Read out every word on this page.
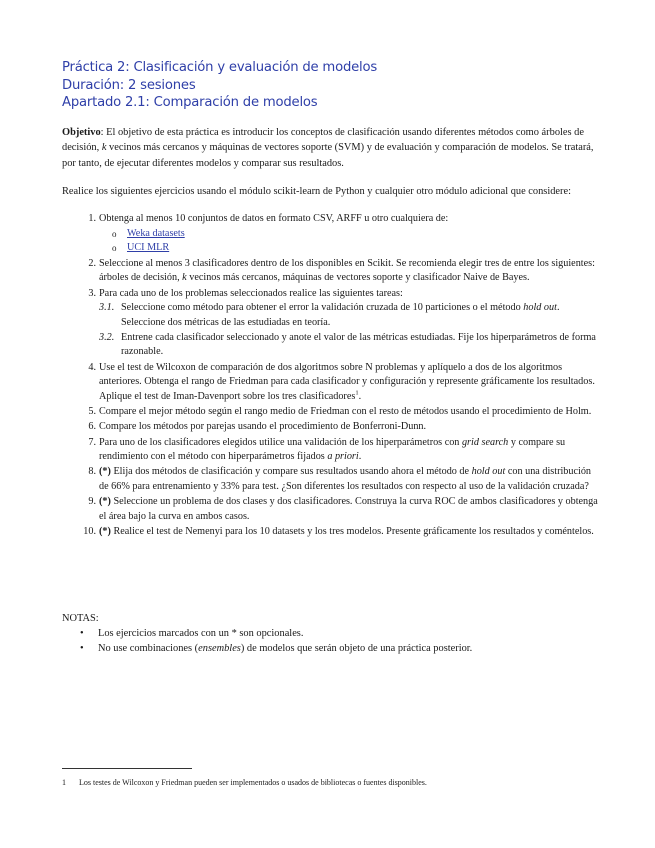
Práctica 2: Clasificación y evaluación de modelos
Duración: 2 sesiones
Apartado 2.1: Comparación de modelos
Objetivo: El objetivo de esta práctica es introducir los conceptos de clasificación usando diferentes métodos como árboles de decisión, k vecinos más cercanos y máquinas de vectores soporte (SVM) y de evaluación y comparación de modelos. Se tratará, por tanto, de ejecutar diferentes modelos y comparar sus resultados.
Realice los siguientes ejercicios usando el módulo scikit-learn de Python y cualquier otro módulo adicional que considere:
1. Obtenga al menos 10 conjuntos de datos en formato CSV, ARFF u otro cualquiera de:
o Weka datasets
o UCI MLR
2. Seleccione al menos 3 clasificadores dentro de los disponibles en Scikit. Se recomienda elegir tres de entre los siguientes: árboles de decisión, k vecinos más cercanos, máquinas de vectores soporte y clasificador Naive de Bayes.
3. Para cada uno de los problemas seleccionados realice las siguientes tareas:
3.1. Seleccione como método para obtener el error la validación cruzada de 10 particiones o el método hold out. Seleccione dos métricas de las estudiadas en teoría.
3.2. Entrene cada clasificador seleccionado y anote el valor de las métricas estudiadas. Fije los hiperparámetros de forma razonable.
4. Use el test de Wilcoxon de comparación de dos algoritmos sobre N problemas y aplíquelo a dos de los algoritmos anteriores. Obtenga el rango de Friedman para cada clasificador y configuración y represente gráficamente los resultados. Aplique el test de Iman-Davenport sobre los tres clasificadores$^1$.
5. Compare el mejor método según el rango medio de Friedman con el resto de métodos usando el procedimiento de Holm.
6. Compare los métodos por parejas usando el procedimiento de Bonferroni-Dunn.
7. Para uno de los clasificadores elegidos utilice una validación de los hiperparámetros con grid search y compare su rendimiento con el método con hiperparámetros fijados a priori.
8. (*) Elija dos métodos de clasificación y compare sus resultados usando ahora el método de hold out con una distribución de 66% para entrenamiento y 33% para test. ¿Son diferentes los resultados con respecto al uso de la validación cruzada?
9. (*) Seleccione un problema de dos clases y dos clasificadores. Construya la curva ROC de ambos clasificadores y obtenga el área bajo la curva en ambos casos.
10. (*) Realice el test de Nemenyi para los 10 datasets y los tres modelos. Presente gráficamente los resultados y coméntelos.
NOTAS:
• Los ejercicios marcados con un * son opcionales.
• No use combinaciones (ensembles) de modelos que serán objeto de una práctica posterior.
1 Los testes de Wilcoxon y Friedman pueden ser implementados o usados de bibliotecas o fuentes disponibles.
